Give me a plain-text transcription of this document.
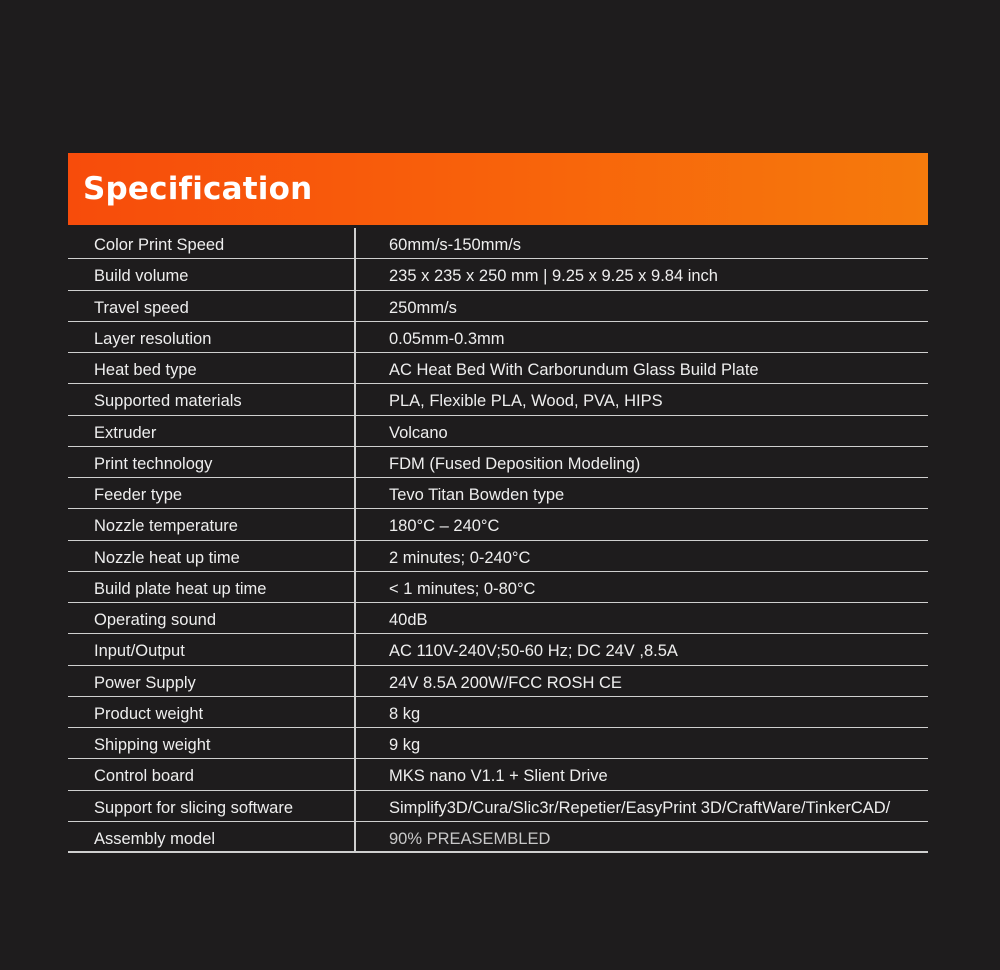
Specification
Color Print Speed	60mm/s-150mm/s
Build volume	235 x 235 x 250 mm | 9.25 x 9.25 x 9.84 inch
Travel speed	250mm/s
Layer resolution	0.05mm-0.3mm
Heat bed type	AC Heat Bed With Carborundum Glass Build Plate
Supported materials	PLA, Flexible PLA, Wood, PVA, HIPS
Extruder	Volcano
Print technology	FDM (Fused Deposition Modeling)
Feeder type	Tevo Titan Bowden type
Nozzle temperature	180°C – 240°C
Nozzle heat up time	2 minutes; 0-240°C
Build plate heat up time	< 1 minutes; 0-80°C
Operating sound	40dB
Input/Output	AC 110V-240V;50-60 Hz; DC 24V ,8.5A
Power Supply	24V 8.5A 200W/FCC ROSH CE
Product weight	8 kg
Shipping weight	9 kg
Control board	MKS nano V1.1 + Slient Drive
Support for slicing software	Simplify3D/Cura/Slic3r/Repetier/EasyPrint 3D/CraftWare/TinkerCAD/
Assembly model	90% PREASEMBLED
